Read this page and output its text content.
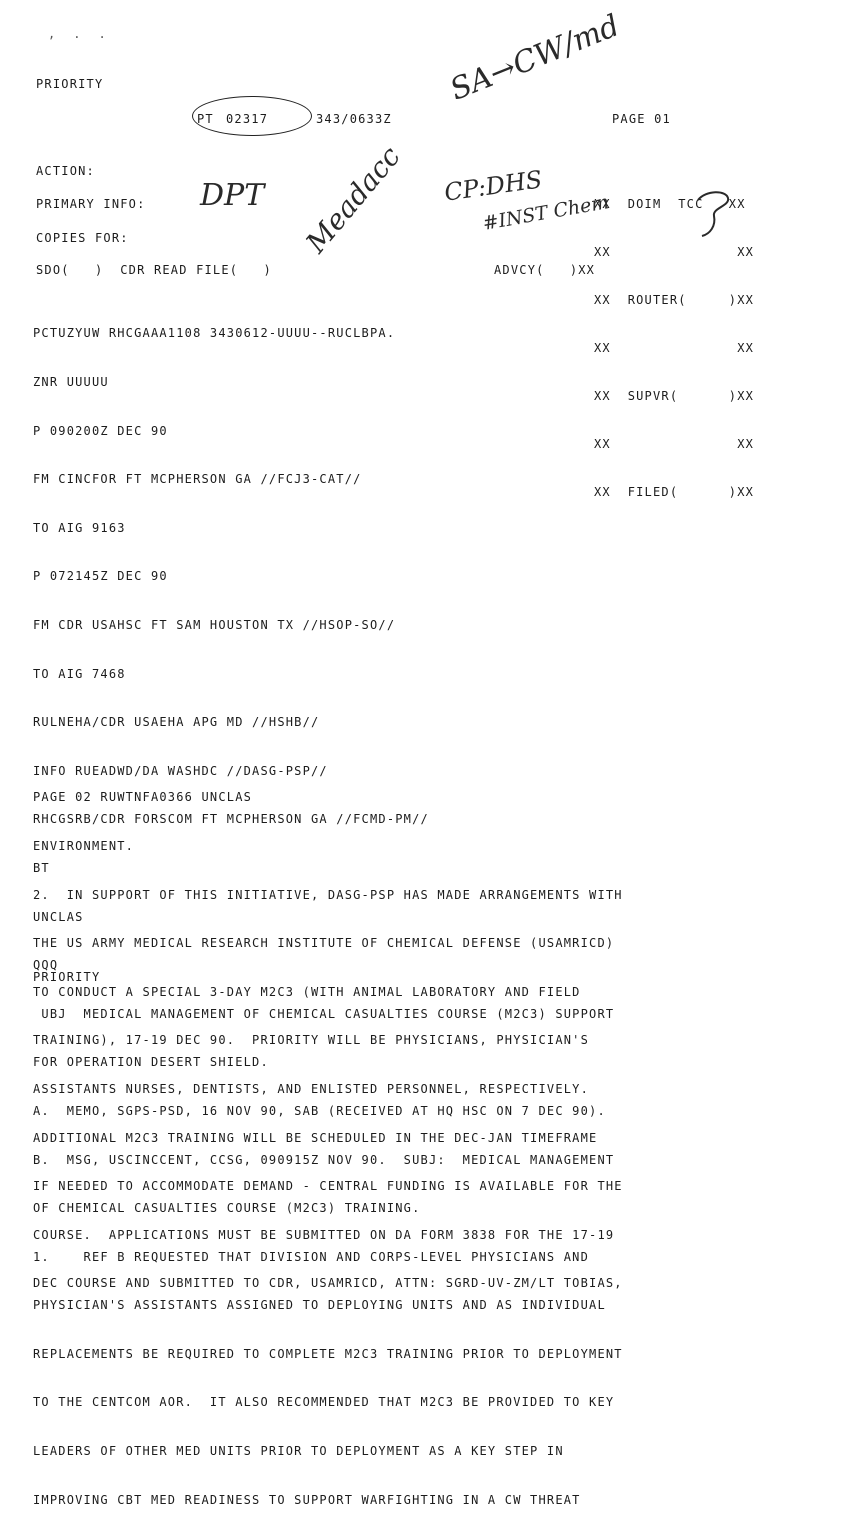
,  .  .
PRIORITY
PT 02317	343/0633Z	PAGE 01
ACTION:
PRIMARY INFO:
COPIES FOR:
SDO(   )  CDR READ FILE(   )	ADVCY(   )XX

XX  DOIM  TCC   XX

XX               XX

XX  ROUTER(     )XX

XX               XX

XX  SUPVR(      )XX

XX               XX

XX  FILED(      )XX

SA→CW/md
DPT Meadacc CP:DHS
#INST Chem

PCTUZYUW RHCGAAA1108 3430612-UUUU--RUCLBPA.

ZNR UUUUU

P 090200Z DEC 90

FM CINCFOR FT MCPHERSON GA //FCJ3-CAT//

TO AIG 9163

P 072145Z DEC 90

FM CDR USAHSC FT SAM HOUSTON TX //HSOP-SO//

TO AIG 7468

RULNEHA/CDR USAEHA APG MD //HSHB//

INFO RUEADWD/DA WASHDC //DASG-PSP//

RHCGSRB/CDR FORSCOM FT MCPHERSON GA //FCMD-PM//

BT

UNCLAS

QQQ

UBJ  MEDICAL MANAGEMENT OF CHEMICAL CASUALTIES COURSE (M2C3) SUPPORT

FOR OPERATION DESERT SHIELD.

A.  MEMO, SGPS-PSD, 16 NOV 90, SAB (RECEIVED AT HQ HSC ON 7 DEC 90).

B.  MSG, USCINCCENT, CCSG, 090915Z NOV 90.  SUBJ:  MEDICAL MANAGEMENT

OF CHEMICAL CASUALTIES COURSE (M2C3) TRAINING.

1.    REF B REQUESTED THAT DIVISION AND CORPS-LEVEL PHYSICIANS AND

PHYSICIAN'S ASSISTANTS ASSIGNED TO DEPLOYING UNITS AND AS INDIVIDUAL

REPLACEMENTS BE REQUIRED TO COMPLETE M2C3 TRAINING PRIOR TO DEPLOYMENT

TO THE CENTCOM AOR.  IT ALSO RECOMMENDED THAT M2C3 BE PROVIDED TO KEY

LEADERS OF OTHER MED UNITS PRIOR TO DEPLOYMENT AS A KEY STEP IN

IMPROVING CBT MED READINESS TO SUPPORT WARFIGHTING IN A CW THREAT

PAGE 02 RUWTNFA0366 UNCLAS

ENVIRONMENT.

2.  IN SUPPORT OF THIS INITIATIVE, DASG-PSP HAS MADE ARRANGEMENTS WITH

THE US ARMY MEDICAL RESEARCH INSTITUTE OF CHEMICAL DEFENSE (USAMRICD)

TO CONDUCT A SPECIAL 3-DAY M2C3 (WITH ANIMAL LABORATORY AND FIELD

TRAINING), 17-19 DEC 90.  PRIORITY WILL BE PHYSICIANS, PHYSICIAN'S

ASSISTANTS NURSES, DENTISTS, AND ENLISTED PERSONNEL, RESPECTIVELY.

ADDITIONAL M2C3 TRAINING WILL BE SCHEDULED IN THE DEC-JAN TIMEFRAME

IF NEEDED TO ACCOMMODATE DEMAND - CENTRAL FUNDING IS AVAILABLE FOR THE

COURSE.  APPLICATIONS MUST BE SUBMITTED ON DA FORM 3838 FOR THE 17-19

DEC COURSE AND SUBMITTED TO CDR, USAMRICD, ATTN: SGRD-UV-ZM/LT TOBIAS,

PRIORITY
